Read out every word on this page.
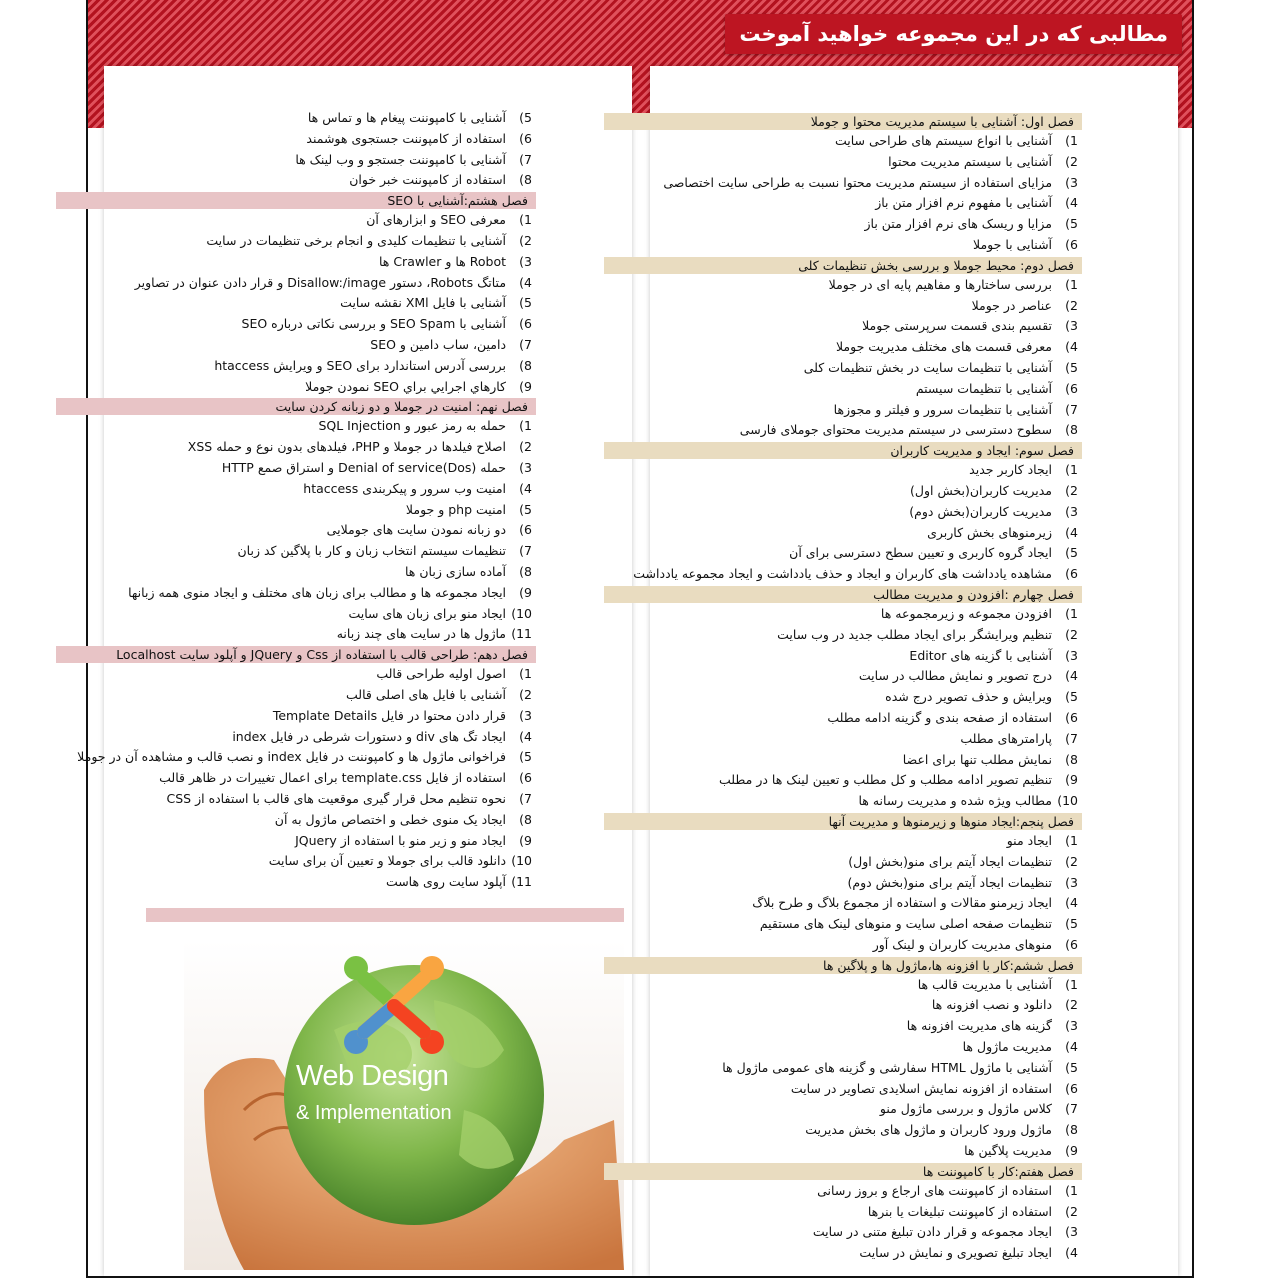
مطالبی که در این مجموعه خواهید آموخت
Web Design
& Implementation
5) آشنایی با کامپوننت پیغام ها و تماس ها
6) استفاده از کامپوننت جستجوی هوشمند
7) آشنایی با کامپوننت جستجو و وب لینک ها
8) استفاده از کامپوننت خبر خوان
فصل هشتم:آشنایی با SEO
1) معرفی SEO و ابزارهای آن
2) آشنایی با تنظیمات کلیدی و انجام برخی تنظیمات در سایت
3) Robot ها و Crawler ها
4) متاتگ Robots، دستور Disallow:/image و قرار دادن عنوان در تصاویر
5) آشنایی با فایل XMl نقشه سایت
6) آشنایی با SEO Spam و بررسی نکاتی درباره SEO
7) دامین، ساب دامین و SEO
8) بررسی آدرس استاندارد برای SEO و ویرایش htaccess
9) كارهاي اجرايي براي SEO نمودن جوملا
فصل نهم: امنیت در جوملا و دو زبانه کردن سایت
1) حمله به رمز عبور و SQL Injection
2) اصلاح فیلدها در جوملا و PHP، فیلدهای بدون نوع و حمله XSS
3) حمله Denial of service(Dos) و استراق صمع HTTP
4) امنیت وب سرور و پیکربندی htaccess
5) امنیت php و جوملا
6) دو زبانه نمودن سایت های جوملایی
7) تنظیمات سیستم انتخاب زبان و کار با پلاگین کد زبان
8) آماده سازی زبان ها
9) ایجاد مجموعه ها و مطالب برای زبان های مختلف و ایجاد منوی همه زبانها
10) ایجاد منو برای زبان های سایت
11) ماژول ها در سایت های چند زبانه
فصل دهم: طراحی قالب با استفاده از Css و JQuery و آپلود سایت Localhost
1) اصول اولیه طراحی قالب
2) آشنایی با فایل های اصلی قالب
3) قرار دادن محتوا در فایل Template Details
4) ایجاد تگ های div و دستورات شرطی در فایل index
5) فراخوانی ماژول ها و کامپوننت در فایل index و نصب قالب و مشاهده آن در جوملا
6) استفاده از فایل template.css برای اعمال تغییرات در ظاهر قالب
7) نحوه تنظیم محل قرار گیری موقعیت های قالب با استفاده از CSS
8) ایجاد یک منوی خطی و اختصاص ماژول به آن
9) ایجاد منو و زیر منو با استفاده از JQuery
10) دانلود قالب برای جوملا و تعیین آن برای سایت
11) آپلود سایت روی هاست
فصل اول: آشنایی با سیستم مدیریت محتوا و جوملا
1) آشنایی با انواع سیستم های طراحی سایت
2) آشنایی با سیستم مدیریت محتوا
3) مزایای استفاده از سیستم مدیریت محتوا نسبت به طراحی سایت اختصاصی
4) آشنایی با مفهوم نرم افزار متن باز
5) مزایا و ریسک های نرم افزار متن باز
6) آشنایی با جوملا
فصل دوم: محیط جوملا و بررسی بخش تنظیمات کلی
1) بررسی ساختارها و مفاهیم پایه ای در جوملا
2) عناصر در جوملا
3) تقسیم بندی قسمت سرپرستی جوملا
4) معرفی قسمت های مختلف مدیریت جوملا
5) آشنایی با تنظیمات سایت در بخش تنظیمات کلی
6) آشنایی با تنظیمات سیستم
7) آشنایی با تنظیمات سرور و فیلتر و مجوزها
8) سطوح دسترسی در سیستم مدیریت محتوای جوملای فارسی
فصل سوم: ایجاد و مدیریت کاربران
1) ایجاد کاربر جدید
2) مدیریت کاربران(بخش اول)
3) مدیریت کاربران(بخش دوم)
4) زیرمنوهای بخش کاربری
5) ایجاد گروه کاربری و تعیین سطح دسترسی برای آن
6) مشاهده یادداشت های کاربران و ایجاد و حذف یادداشت و ایجاد مجموعه یادداشت
فصل چهارم :افزودن و مدیریت مطالب
1) افزودن مجموعه و زیرمجموعه ها
2) تنظیم ویرایشگر برای ایجاد مطلب جدید در وب سایت
3) آشنایی با گزینه های Editor
4) درج تصویر و نمایش مطالب در سایت
5) ویرایش و حذف تصویر درج شده
6) استفاده از صفحه بندی و گزینه ادامه مطلب
7) پارامترهای مطلب
8) نمایش مطلب تنها برای اعضا
9) تنظیم تصویر ادامه مطلب و کل مطلب و تعیین لینک ها در مطلب
10) مطالب ویژه شده و مدیریت رسانه ها
فصل پنجم:ایجاد منوها و زیرمنوها و مدیریت آنها
1) ایجاد منو
2) تنظیمات ایجاد آیتم برای منو(بخش اول)
3) تنظیمات ایجاد آیتم برای منو(بخش دوم)
4) ایجاد زیرمنو مقالات و استفاده از مجموع بلاگ و طرح بلاگ
5) تنظیمات صفحه اصلی سایت و منوهای لینک های مستقیم
6) منوهای مدیریت کاربران و لینک آور
فصل ششم:کار با افزونه ها،ماژول ها و پلاگین ها
1) آشنایی با مدیریت قالب ها
2) دانلود و نصب افزونه ها
3) گزینه های مدیریت افزونه ها
4) مدیریت ماژول ها
5) آشنایی با ماژول HTML سفارشی و گزینه های عمومی ماژول ها
6) استفاده از افزونه نمایش اسلایدی تصاویر در سایت
7) کلاس ماژول و بررسی ماژول منو
8) ماژول ورود کاربران و ماژول های بخش مدیریت
9) مدیریت پلاگین ها
فصل هفتم:کار با کامپوننت ها
1) استفاده از کامپوننت های ارجاع و بروز رسانی
2) استفاده از کامپوننت تبلیغات یا بنرها
3) ایجاد مجموعه و قرار دادن تبلیغ متنی در سایت
4) ایجاد تبلیغ تصویری و نمایش در سایت
